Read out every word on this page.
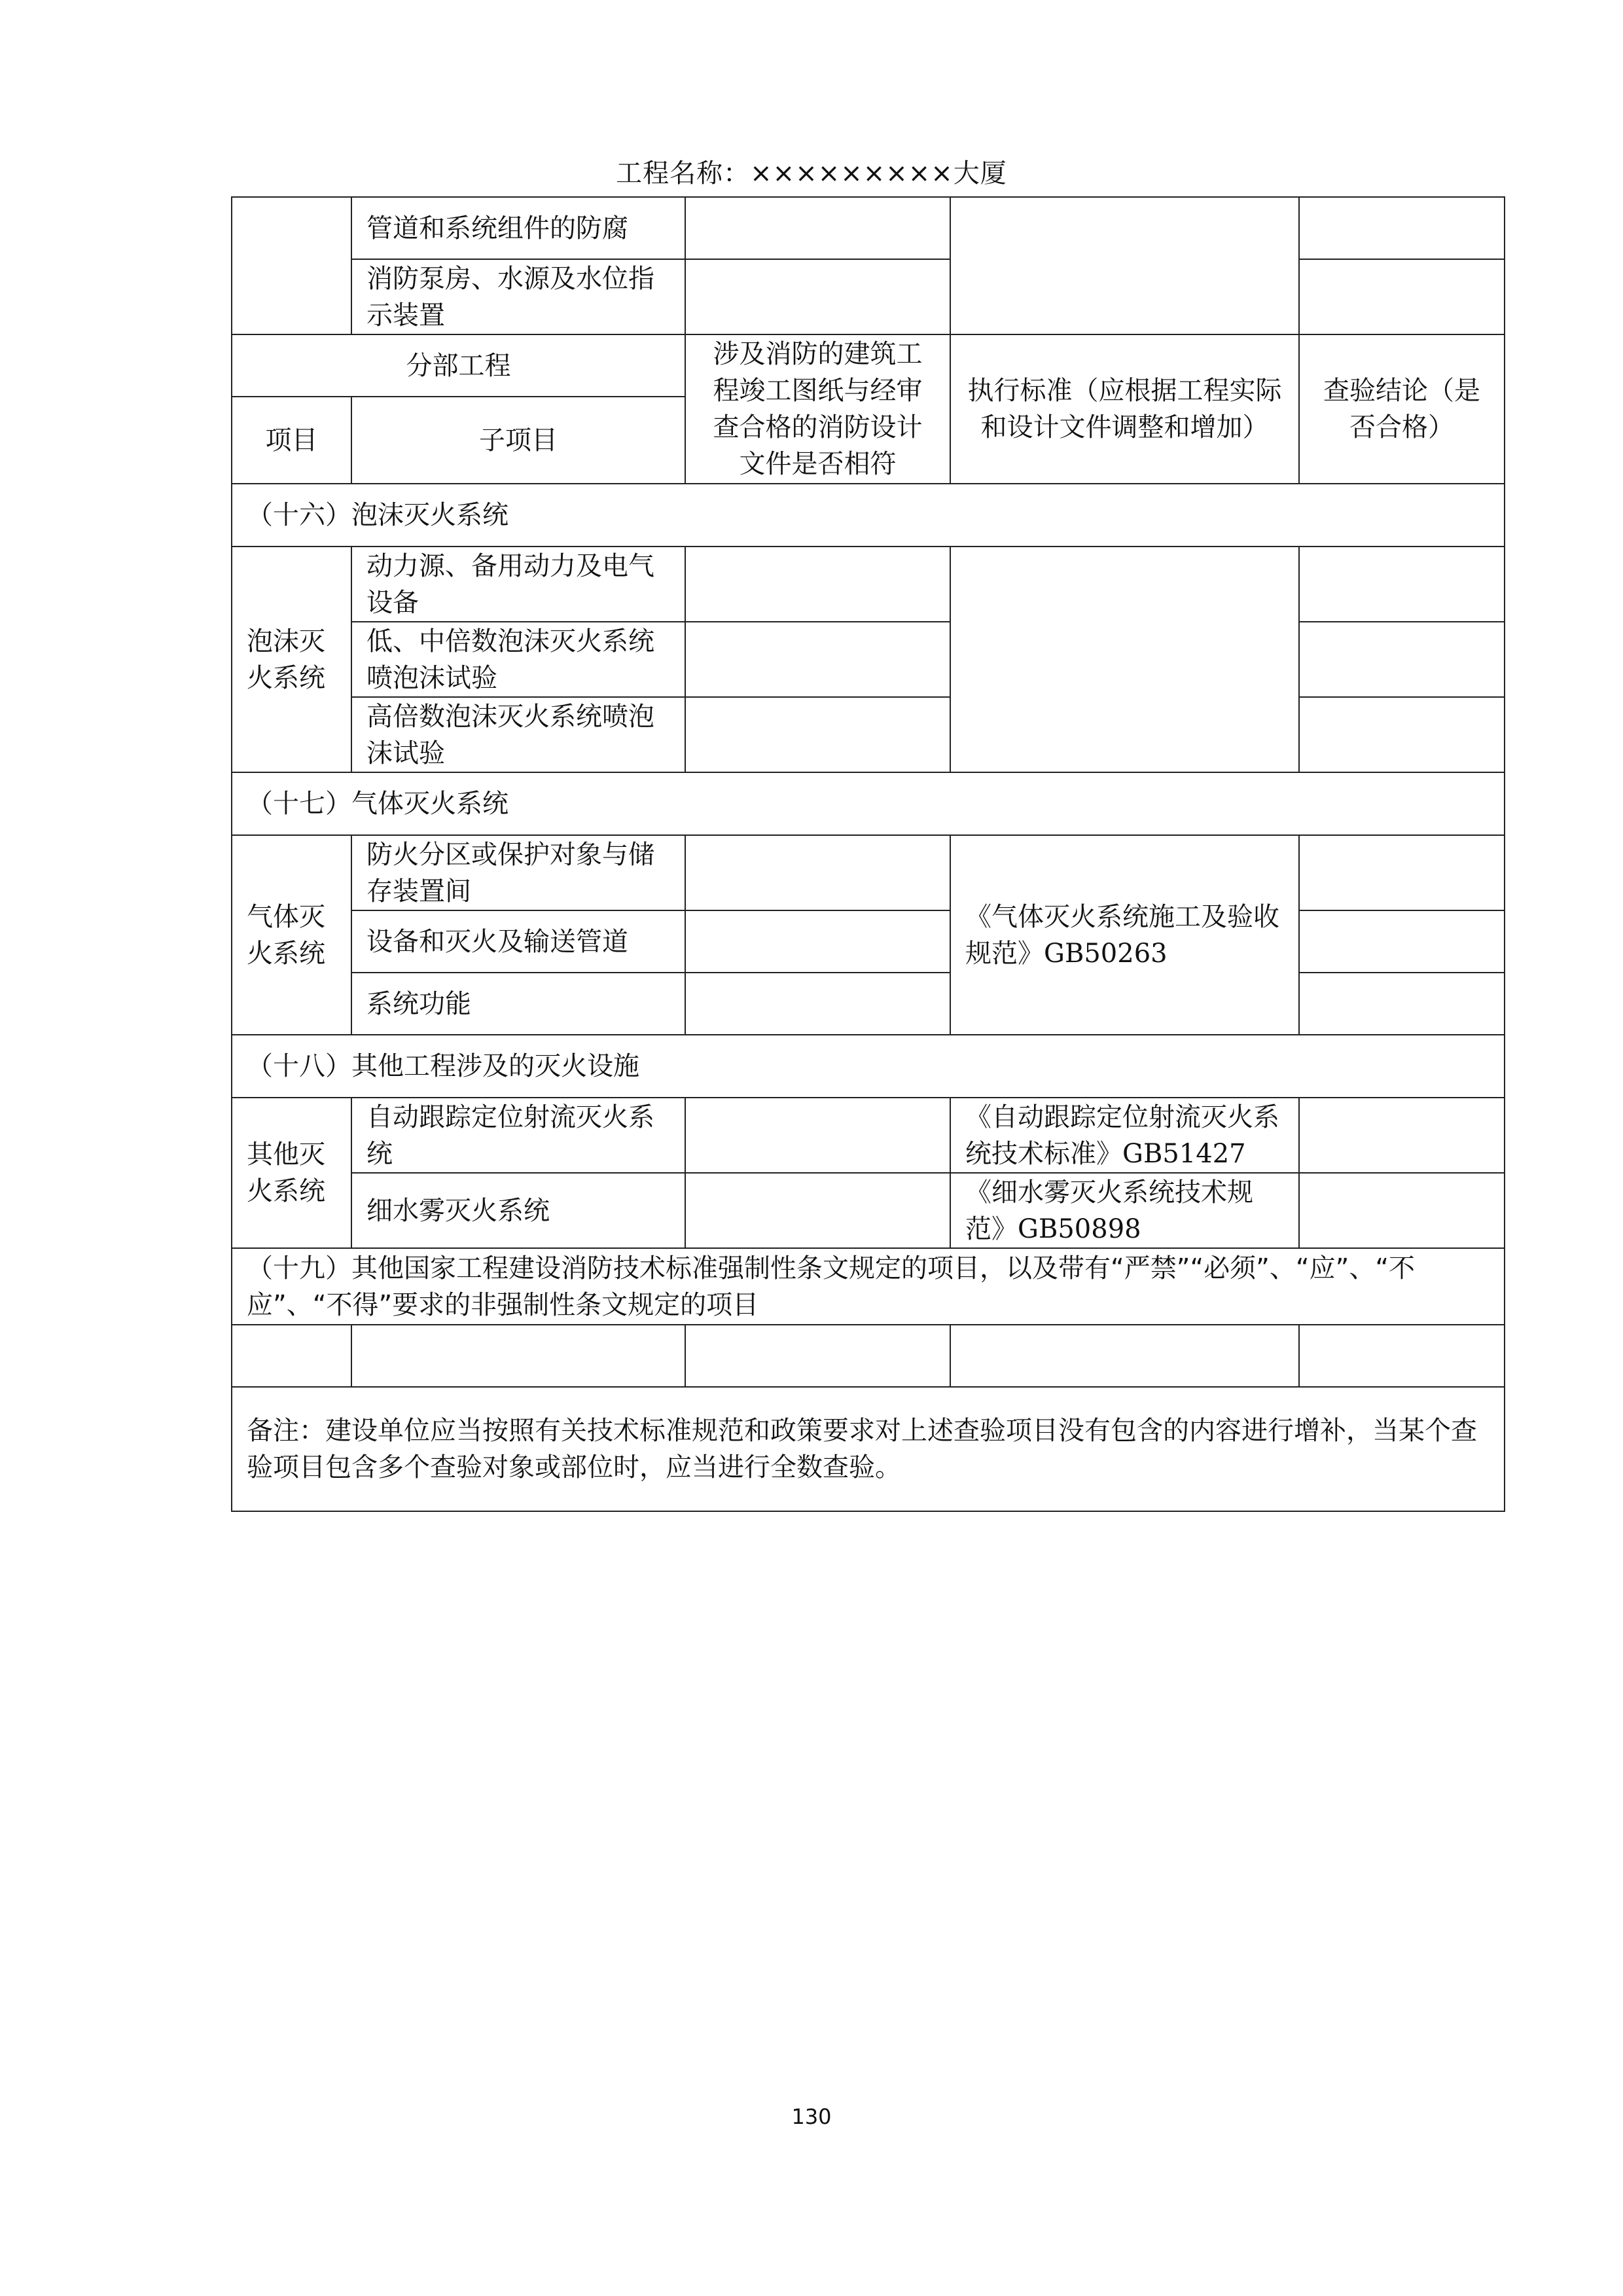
工程名称：×××××××××大厦
	管道和系统组件的防腐			
	消防泵房、水源及水位指示装置			
分部工程		涉及消防的建筑工程竣工图纸与经审查合格的消防设计文件是否相符	执行标准（应根据工程实际和设计文件调整和增加）	查验结论（是否合格）
项目	子项目			
（十六）泡沫灭火系统				
泡沫灭火系统	动力源、备用动力及电气设备			
	低、中倍数泡沫灭火系统喷泡沫试验			
	高倍数泡沫灭火系统喷泡沫试验			
（十七）气体灭火系统				
气体灭火系统	防火分区或保护对象与储存装置间		《气体灭火系统施工及验收规范》GB50263	
	设备和灭火及输送管道			
	系统功能			
（十八）其他工程涉及的灭火设施				
其他灭火系统	自动跟踪定位射流灭火系统		《自动跟踪定位射流灭火系统技术标准》GB51427	
	细水雾灭火系统		《细水雾灭火系统技术规范》GB50898	
（十九）其他国家工程建设消防技术标准强制性条文规定的项目，以及带有“严禁”“必须”、“应”、“不应”、“不得”要求的非强制性条文规定的项目				

备注：建设单位应当按照有关技术标准规范和政策要求对上述查验项目没有包含的内容进行增补，当某个查验项目包含多个查验对象或部位时，应当进行全数查验。				
130
